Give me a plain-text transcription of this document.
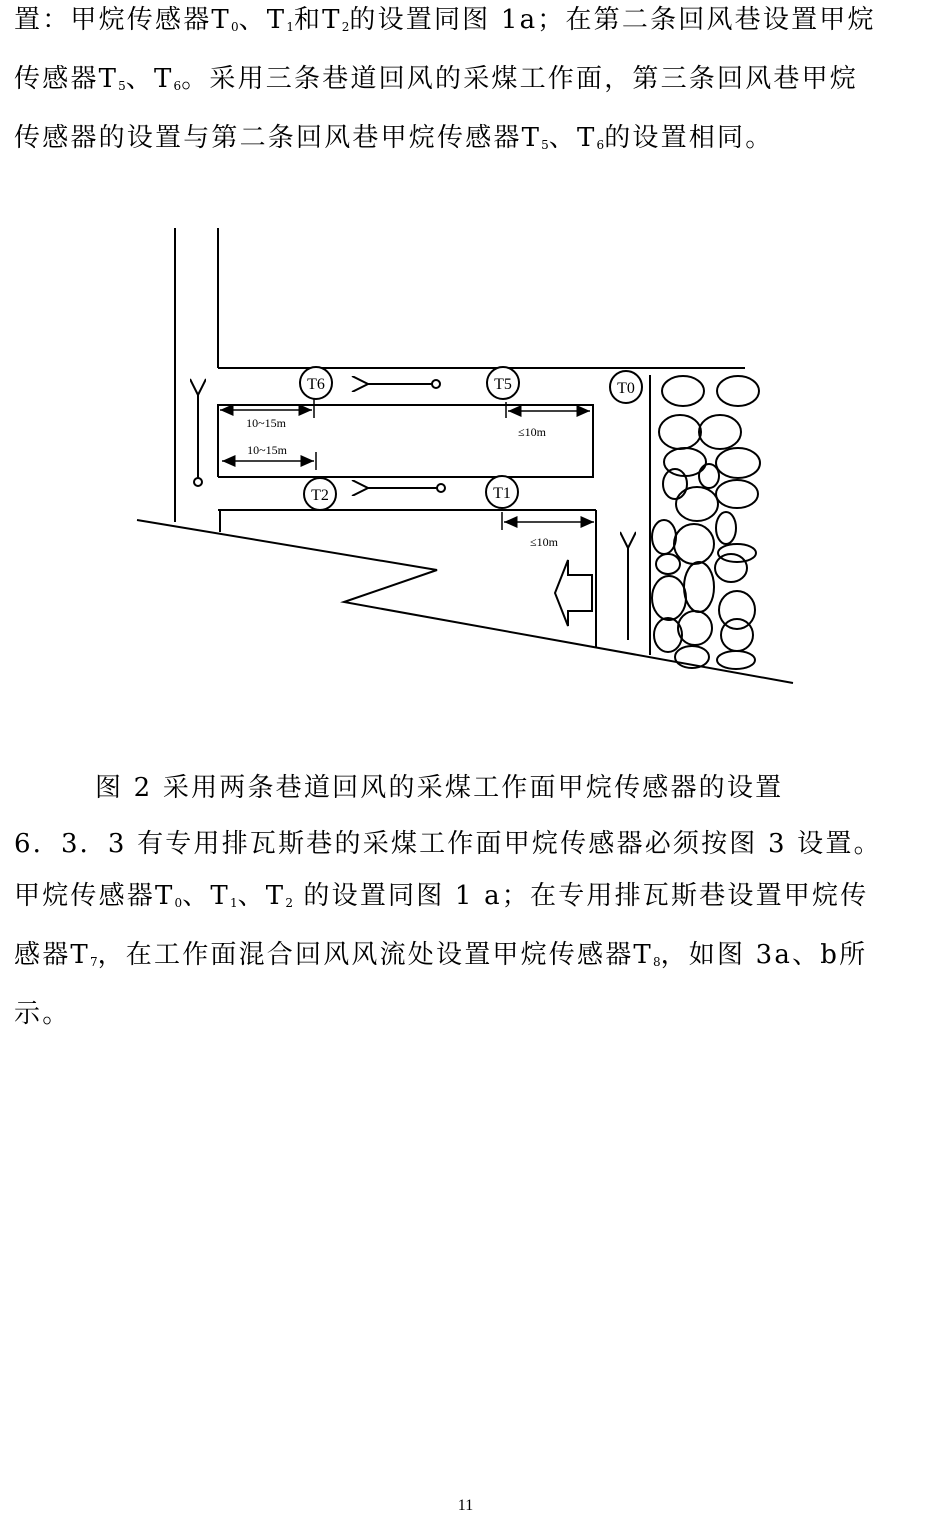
置：甲烷传感器$T_0$、$T_1$和$T_2$的设置同图 1a；在第二条回风巷设置甲烷
传感器$T_5$、$T_6$。采用三条巷道回风的采煤工作面，第三条回风巷甲烷
传感器的设置与第二条回风巷甲烷传感器$T_5$、$T_6$的设置相同。
T6	T5	T0
T2	T1
10~15m
10~15m
≤10m
≤10m
图 2 采用两条巷道回风的采煤工作面甲烷传感器的设置
6．3．3 有专用排瓦斯巷的采煤工作面甲烷传感器必须按图 3 设置。
甲烷传感器$T_0$、$T_1$、$T_2$ 的设置同图 1 a；在专用排瓦斯巷设置甲烷传
感器$T_7$，在工作面混合回风风流处设置甲烷传感器$T_8$，如图 3a、b所
示。
11
